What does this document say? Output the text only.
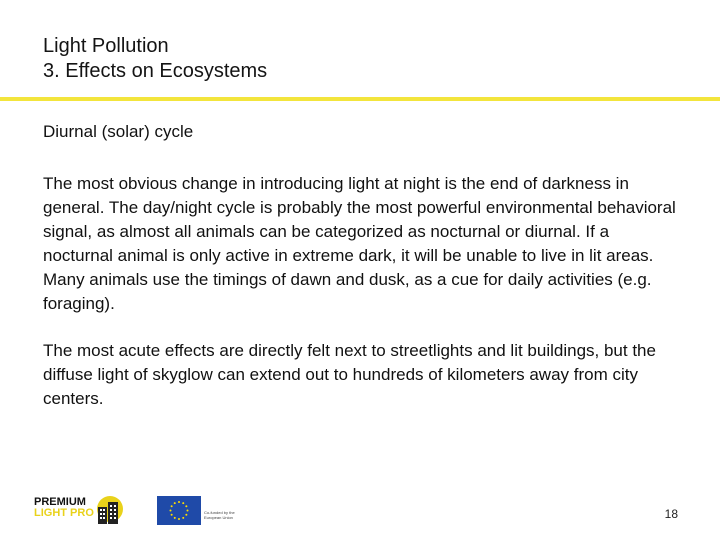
Light Pollution
3. Effects on Ecosystems
Diurnal (solar) cycle

The most obvious change in introducing light at night is the end of darkness in general. The day/night cycle is probably the most powerful environmental behavioral signal, as almost all animals can be categorized as nocturnal or diurnal. If a nocturnal animal is only active in extreme dark, it will be unable to live in lit areas. Many animals use the timings of dawn and dusk, as a cue for daily activities (e.g. foraging).

The most acute effects are directly felt next to streetlights and lit buildings, but the diffuse light of skyglow can extend out to hundreds of kilometers away from city centers.

PREMIUM
LIGHT PRO	Co-funded by the European Union	18
